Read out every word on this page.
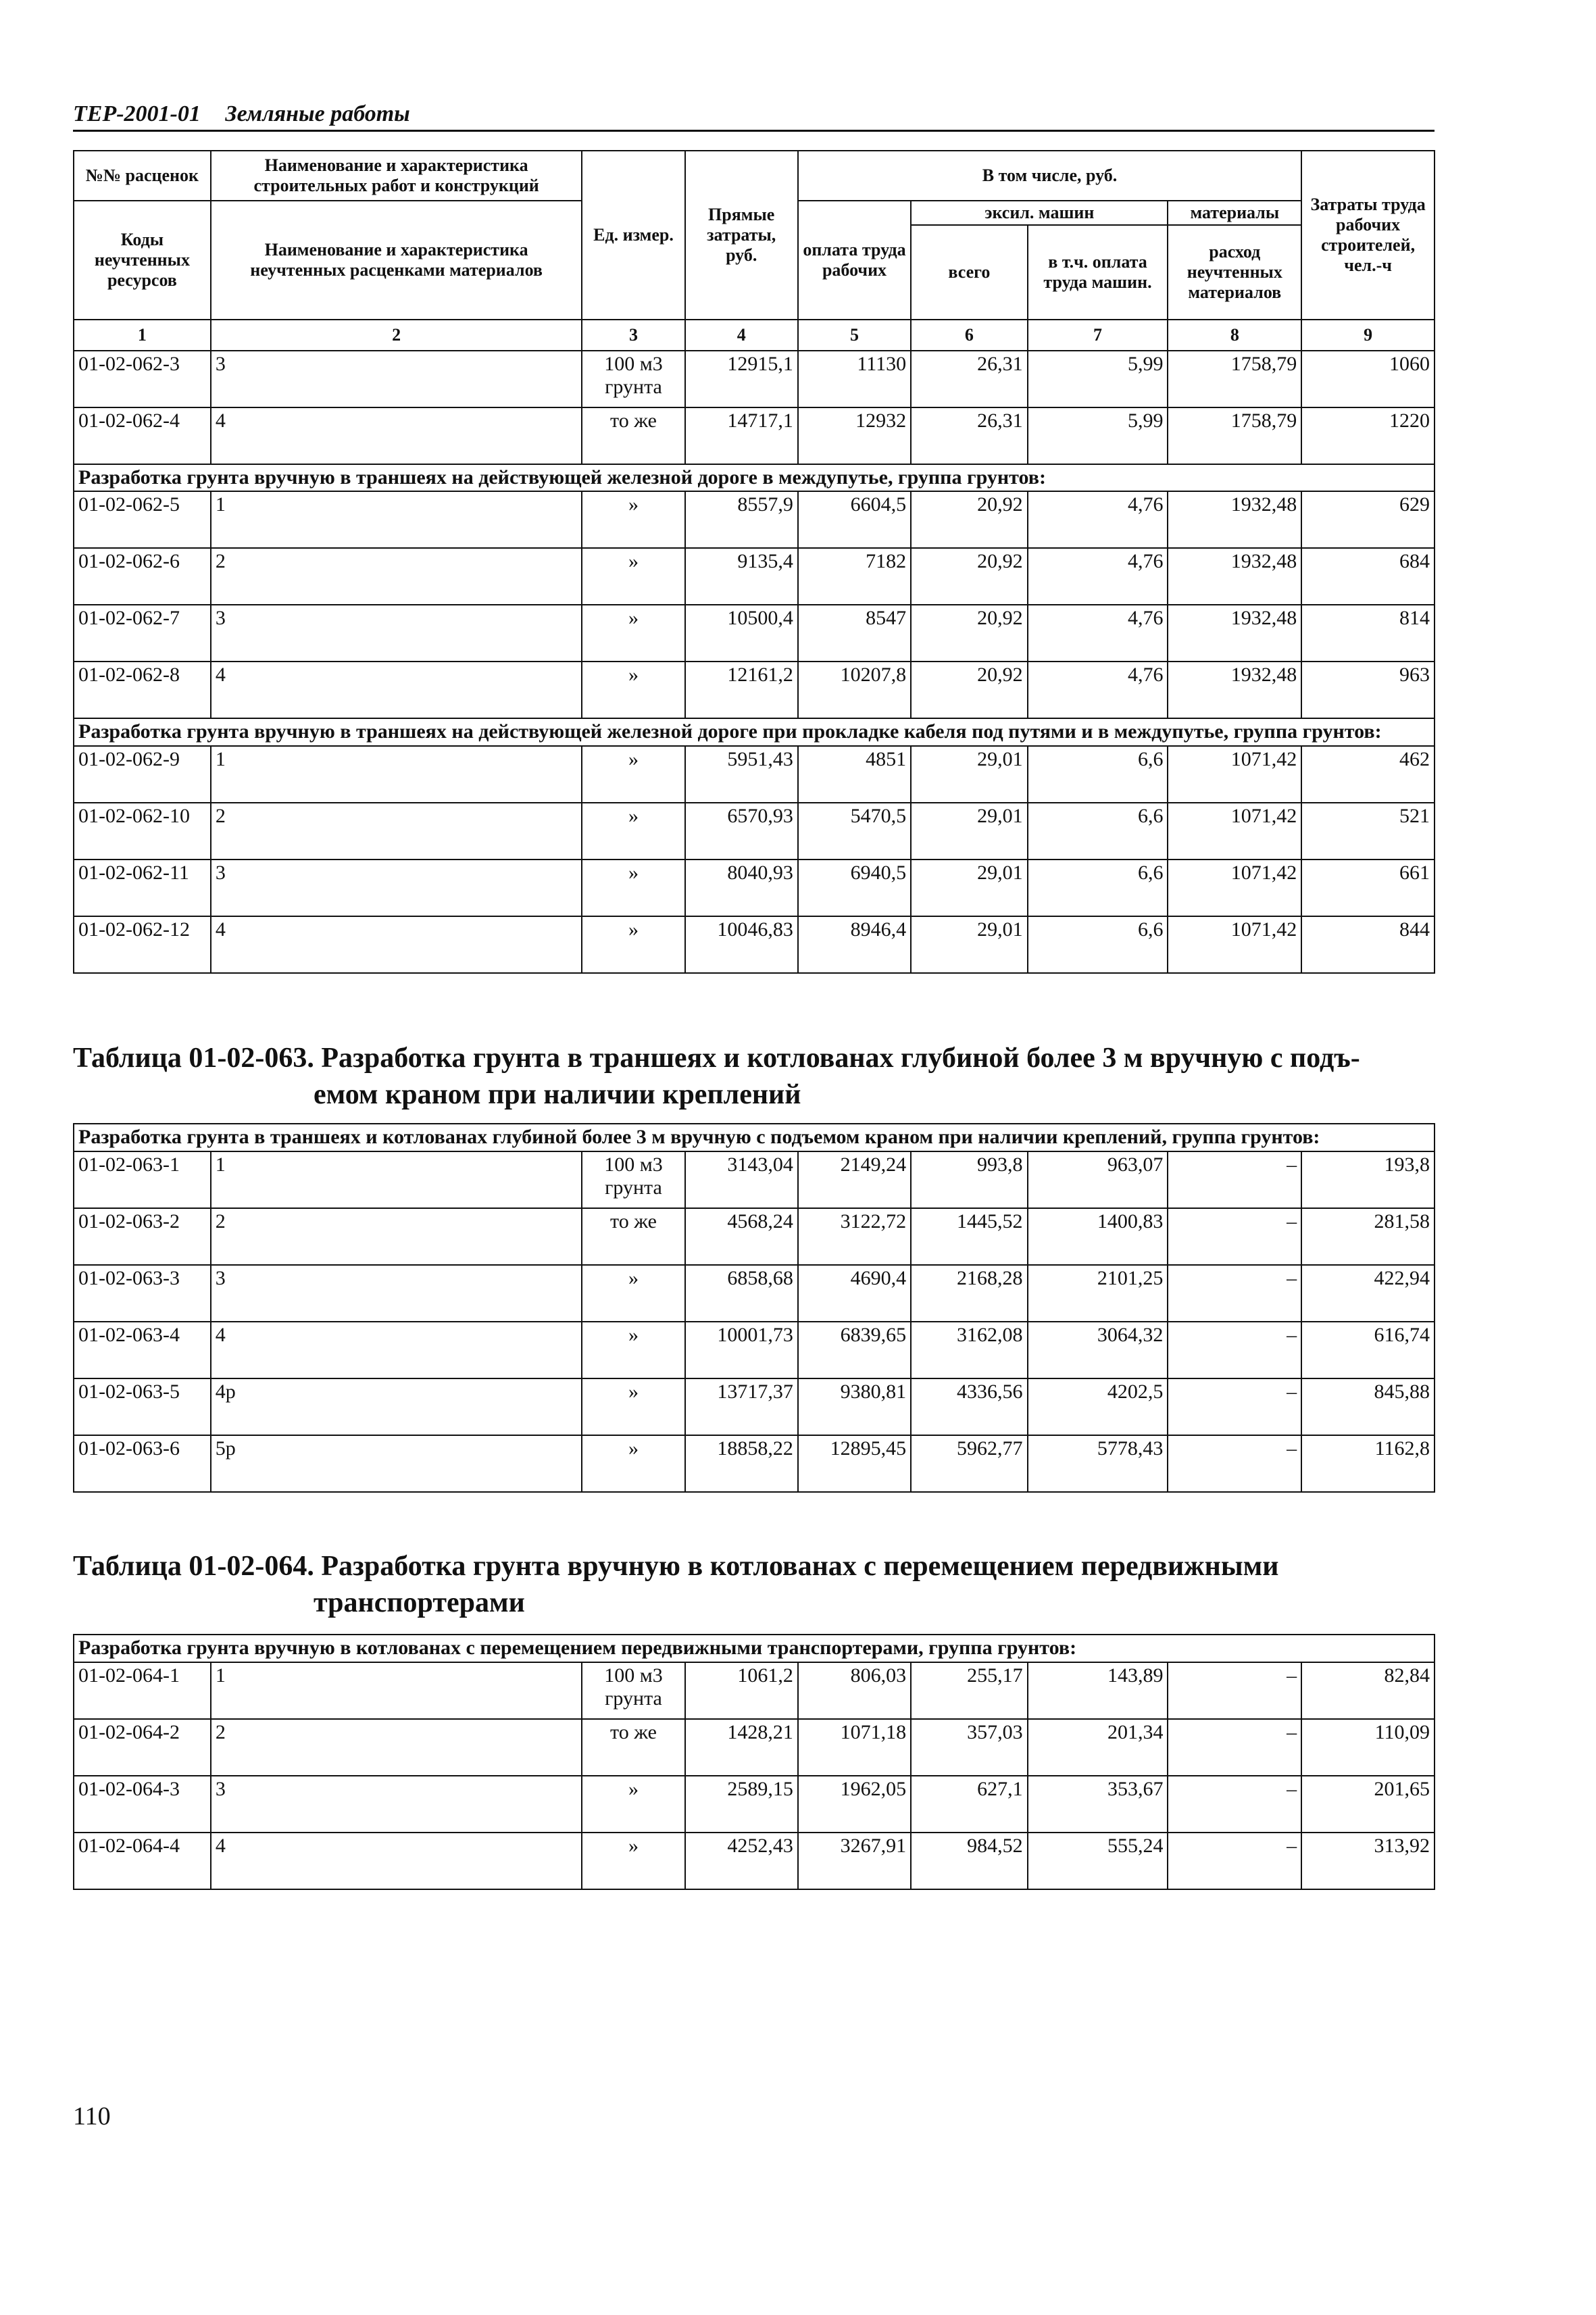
ТЕР-2001-01 Земляные работы
№№ расценок	Наименование и характеристика строительных работ и конструкций	Ед. измер.	Прямые затраты, руб.	В том числе, руб.				Затраты труда рабочих строителей, чел.-ч
Коды неучтенных ресурсов	Наименование и характеристика неучтенных расценками материалов			оплата труда рабочих	эксил. машин		материалы	
					всего	в т.ч. оплата труда машин.	расход неучтенных материалов	
1	2	3	4	5	6	7	8	9
01-02-062-3	3	100 м3 грунта	12915,1	11130	26,31	5,99	1758,79	1060
01-02-062-4	4	то же	14717,1	12932	26,31	5,99	1758,79	1220
Разработка грунта вручную в траншеях на действующей железной дороге в междупутье, группа грунтов:								
01-02-062-5	1	»	8557,9	6604,5	20,92	4,76	1932,48	629
01-02-062-6	2	»	9135,4	7182	20,92	4,76	1932,48	684
01-02-062-7	3	»	10500,4	8547	20,92	4,76	1932,48	814
01-02-062-8	4	»	12161,2	10207,8	20,92	4,76	1932,48	963
Разработка грунта вручную в траншеях на действующей железной дороге при прокладке кабеля под путями и в междупутье, группа грунтов:								
01-02-062-9	1	»	5951,43	4851	29,01	6,6	1071,42	462
01-02-062-10	2	»	6570,93	5470,5	29,01	6,6	1071,42	521
01-02-062-11	3	»	8040,93	6940,5	29,01	6,6	1071,42	661
01-02-062-12	4	»	10046,83	8946,4	29,01	6,6	1071,42	844
Таблица 01-02-063. Разработка грунта в траншеях и котлованах глубиной более 3 м вручную с подъ-
емом краном при наличии креплений
Разработка грунта в траншеях и котлованах глубиной более 3 м вручную с подъемом краном при наличии креплений, группа грунтов:								
01-02-063-1	1	100 м3 грунта	3143,04	2149,24	993,8	963,07	–	193,8
01-02-063-2	2	то же	4568,24	3122,72	1445,52	1400,83	–	281,58
01-02-063-3	3	»	6858,68	4690,4	2168,28	2101,25	–	422,94
01-02-063-4	4	»	10001,73	6839,65	3162,08	3064,32	–	616,74
01-02-063-5	4р	»	13717,37	9380,81	4336,56	4202,5	–	845,88
01-02-063-6	5р	»	18858,22	12895,45	5962,77	5778,43	–	1162,8
Таблица 01-02-064. Разработка грунта вручную в котлованах с перемещением передвижными
транспортерами
Разработка грунта вручную в котлованах с перемещением передвижными транспортерами, группа грунтов:								
01-02-064-1	1	100 м3 грунта	1061,2	806,03	255,17	143,89	–	82,84
01-02-064-2	2	то же	1428,21	1071,18	357,03	201,34	–	110,09
01-02-064-3	3	»	2589,15	1962,05	627,1	353,67	–	201,65
01-02-064-4	4	»	4252,43	3267,91	984,52	555,24	–	313,92
110
